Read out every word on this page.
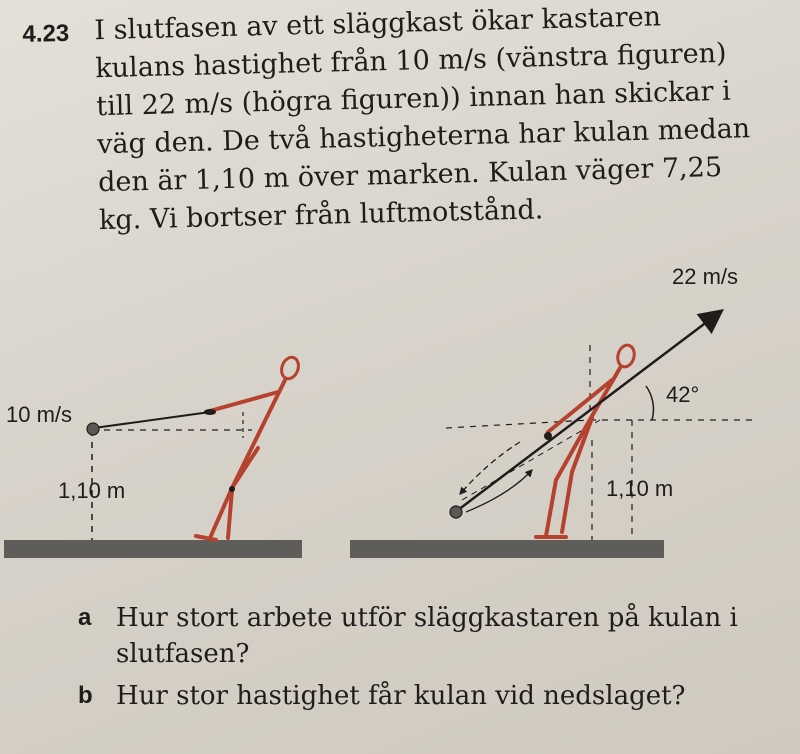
4.23 I slutfasen av ett släggkast ökar kastaren kulans hastighet från 10 m/s (vänstra figuren) till 22 m/s (högra figuren)) innan han skickar i väg den. De två hastigheterna har kulan medan den är 1,10 m över marken. Kulan väger 7,25 kg. Vi bortser från luftmotstånd.
10 m/s
1,10 m
22 m/s
42°
1,10 m
a Hur stort arbete utför släggkastaren på kulan i slutfasen?
b Hur stor hastighet får kulan vid nedslaget?
